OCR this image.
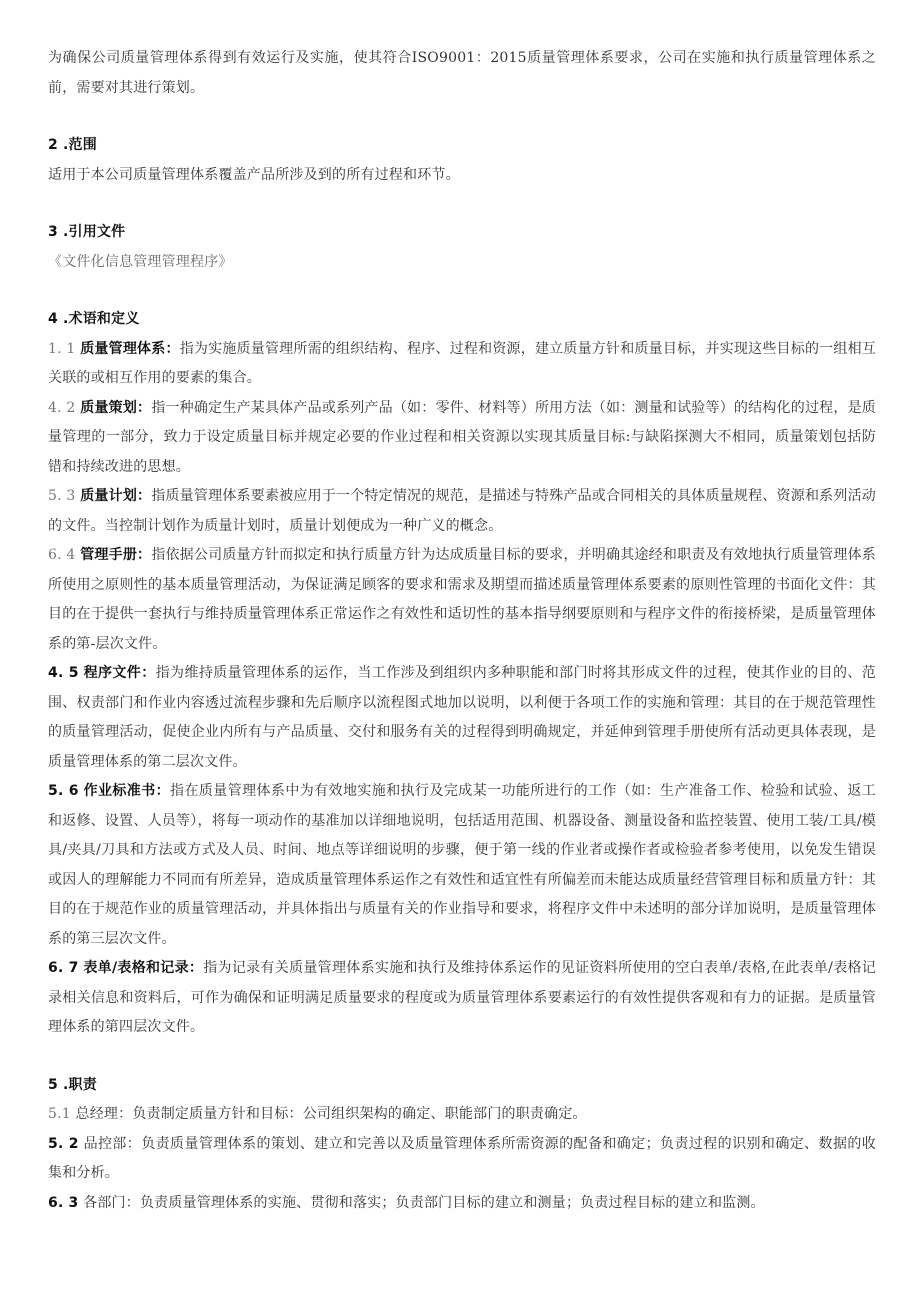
为确保公司质量管理体系得到有效运行及实施，使其符合ISO9001：2015质量管理体系要求，公司在实施和执行质量管理体系之前，需要对其进行策划。

2 .范围

适用于本公司质量管理体系覆盖产品所涉及到的所有过程和环节。

3 .引用文件

《文件化信息管理管理程序》

4 .术语和定义

1. 1 质量管理体系：指为实施质量管理所需的组织结构、程序、过程和资源，建立质量方针和质量目标，并实现这些目标的一组相互关联的或相互作用的要素的集合。

4. 2 质量策划：指一种确定生产某具体产品或系列产品（如：零件、材料等）所用方法（如：测量和试验等）的结构化的过程，是质量管理的一部分，致力于设定质量目标并规定必要的作业过程和相关资源以实现其质量目标:与缺陷探测大不相同，质量策划包括防错和持续改进的思想。

5. 3 质量计划：指质量管理体系要素被应用于一个特定情况的规范，是描述与特殊产品或合同相关的具体质量规程、资源和系列活动的文件。当控制计划作为质量计划时，质量计划便成为一种广义的概念。

6. 4 管理手册：指依据公司质量方针而拟定和执行质量方针为达成质量目标的要求，并明确其途经和职责及有效地执行质量管理体系所使用之原则性的基本质量管理活动，为保证满足顾客的要求和需求及期望而描述质量管理体系要素的原则性管理的书面化文件：其目的在于提供一套执行与维持质量管理体系正常运作之有效性和适切性的基本指导纲要原则和与程序文件的衔接桥梁，是质量管理体系的第-层次文件。

4. 5 程序文件：指为维持质量管理体系的运作，当工作涉及到组织内多种职能和部门时将其形成文件的过程，使其作业的目的、范围、权责部门和作业内容透过流程步骤和先后顺序以流程图式地加以说明，以利便于各项工作的实施和管理：其目的在于规范管理性的质量管理活动，促使企业内所有与产品质量、交付和服务有关的过程得到明确规定，并延伸到管理手册使所有活动更具体表现，是质量管理体系的第二层次文件。

5. 6 作业标准书：指在质量管理体系中为有效地实施和执行及完成某一功能所进行的工作（如：生产准备工作、检验和试验、返工和返修、设置、人员等），将每一项动作的基准加以详细地说明，包括适用范围、机器设备、测量设备和监控装置、使用工装/工具/模具/夹具/刀具和方法或方式及人员、时间、地点等详细说明的步骤，便于第一线的作业者或操作者或检验者参考使用，以免发生错误或因人的理解能力不同而有所差异，造成质量管理体系运作之有效性和适宜性有所偏差而未能达成质量经营管理目标和质量方针：其目的在于规范作业的质量管理活动，并具体指出与质量有关的作业指导和要求，将程序文件中未述明的部分详加说明，是质量管理体系的第三层次文件。

6. 7 表单/表格和记录：指为记录有关质量管理体系实施和执行及维持体系运作的见证资料所使用的空白表单/表格,在此表单/表格记录相关信息和资料后，可作为确保和证明满足质量要求的程度或为质量管理体系要素运行的有效性提供客观和有力的证据。是质量管理体系的第四层次文件。

5 .职责

5.1 总经理：负责制定质量方针和目标：公司组织架构的确定、职能部门的职责确定。

5. 2 品控部：负责质量管理体系的策划、建立和完善以及质量管理体系所需资源的配备和确定；负责过程的识别和确定、数据的收集和分析。

6. 3 各部门：负责质量管理体系的实施、贯彻和落实；负责部门目标的建立和测量；负责过程目标的建立和监测。
